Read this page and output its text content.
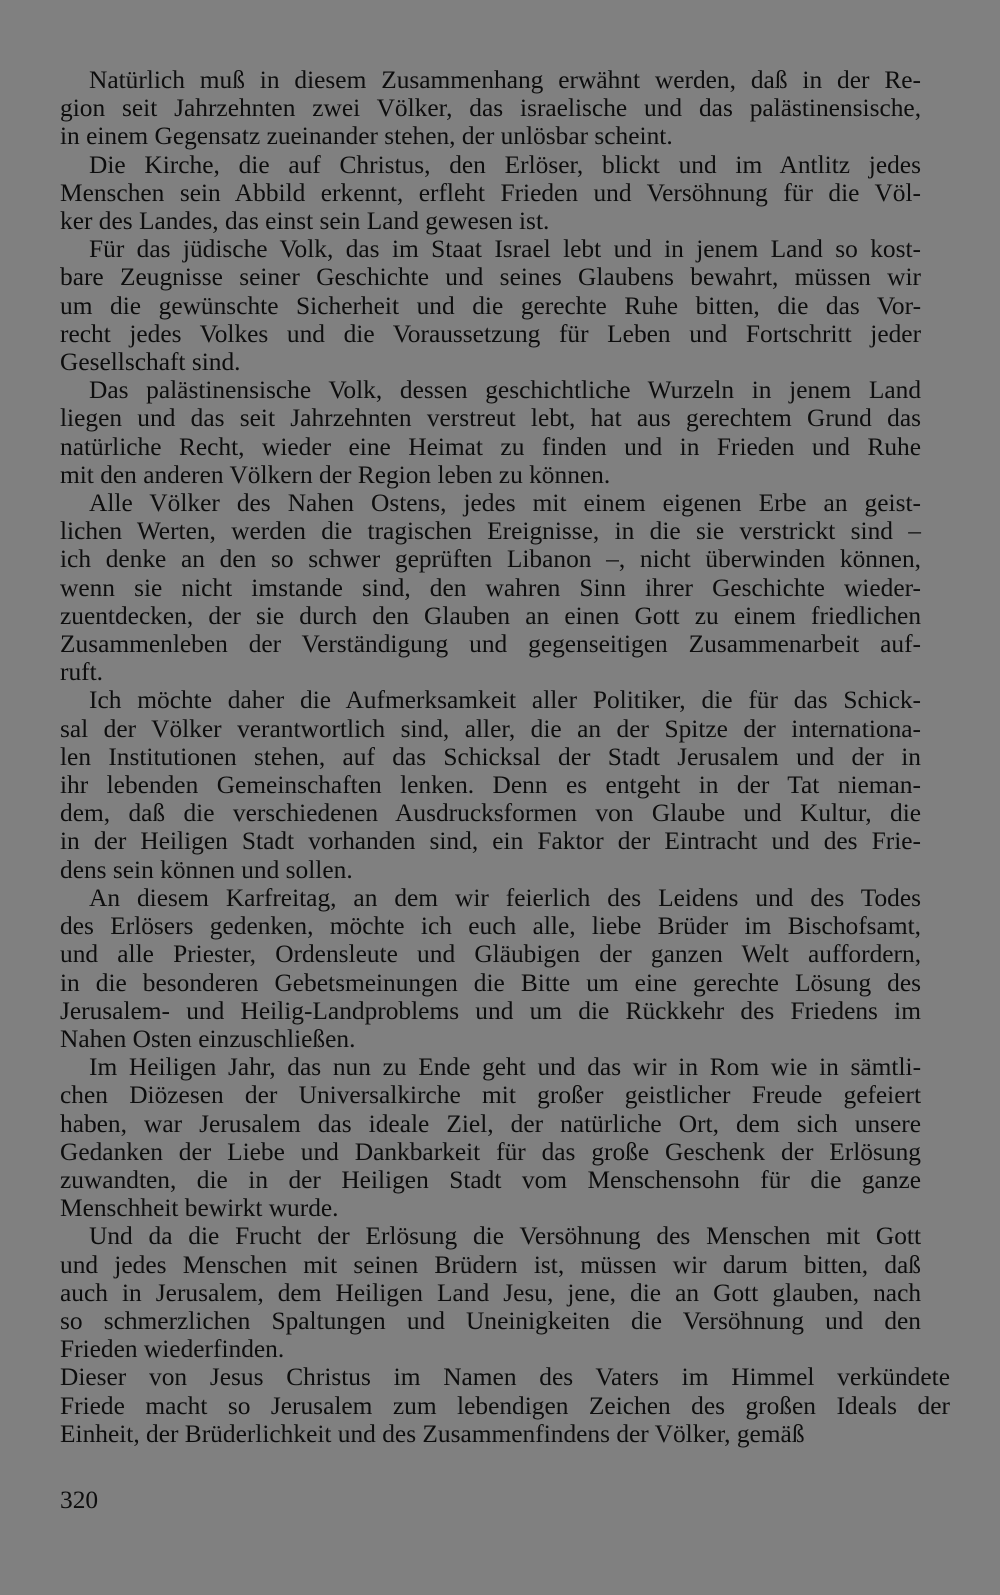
Natürlich muß in diesem Zusammenhang erwähnt werden, daß in der Re-
gion seit Jahrzehnten zwei Völker, das israelische und das palästinensische,
in einem Gegensatz zueinander stehen, der unlösbar scheint.

Die Kirche, die auf Christus, den Erlöser, blickt und im Antlitz jedes
Menschen sein Abbild erkennt, erfleht Frieden und Versöhnung für die Völ-
ker des Landes, das einst sein Land gewesen ist.

Für das jüdische Volk, das im Staat Israel lebt und in jenem Land so kost-
bare Zeugnisse seiner Geschichte und seines Glaubens bewahrt, müssen wir
um die gewünschte Sicherheit und die gerechte Ruhe bitten, die das Vor-
recht jedes Volkes und die Voraussetzung für Leben und Fortschritt jeder
Gesellschaft sind.

Das palästinensische Volk, dessen geschichtliche Wurzeln in jenem Land
liegen und das seit Jahrzehnten verstreut lebt, hat aus gerechtem Grund das
natürliche Recht, wieder eine Heimat zu finden und in Frieden und Ruhe
mit den anderen Völkern der Region leben zu können.

Alle Völker des Nahen Ostens, jedes mit einem eigenen Erbe an geist-
lichen Werten, werden die tragischen Ereignisse, in die sie verstrickt sind –
ich denke an den so schwer geprüften Libanon –, nicht überwinden können,
wenn sie nicht imstande sind, den wahren Sinn ihrer Geschichte wieder-
zuentdecken, der sie durch den Glauben an einen Gott zu einem friedlichen
Zusammenleben der Verständigung und gegenseitigen Zusammenarbeit auf-
ruft.

Ich möchte daher die Aufmerksamkeit aller Politiker, die für das Schick-
sal der Völker verantwortlich sind, aller, die an der Spitze der internationa-
len Institutionen stehen, auf das Schicksal der Stadt Jerusalem und der in
ihr lebenden Gemeinschaften lenken. Denn es entgeht in der Tat nieman-
dem, daß die verschiedenen Ausdrucksformen von Glaube und Kultur, die
in der Heiligen Stadt vorhanden sind, ein Faktor der Eintracht und des Frie-
dens sein können und sollen.

An diesem Karfreitag, an dem wir feierlich des Leidens und des Todes
des Erlösers gedenken, möchte ich euch alle, liebe Brüder im Bischofsamt,
und alle Priester, Ordensleute und Gläubigen der ganzen Welt auffordern,
in die besonderen Gebetsmeinungen die Bitte um eine gerechte Lösung des
Jerusalem- und Heilig-Landproblems und um die Rückkehr des Friedens im
Nahen Osten einzuschließen.

Im Heiligen Jahr, das nun zu Ende geht und das wir in Rom wie in sämtli-
chen Diözesen der Universalkirche mit großer geistlicher Freude gefeiert
haben, war Jerusalem das ideale Ziel, der natürliche Ort, dem sich unsere
Gedanken der Liebe und Dankbarkeit für das große Geschenk der Erlösung
zuwandten, die in der Heiligen Stadt vom Menschensohn für die ganze
Menschheit bewirkt wurde.

Und da die Frucht der Erlösung die Versöhnung des Menschen mit Gott
und jedes Menschen mit seinen Brüdern ist, müssen wir darum bitten, daß
auch in Jerusalem, dem Heiligen Land Jesu, jene, die an Gott glauben, nach
so schmerzlichen Spaltungen und Uneinigkeiten die Versöhnung und den
Frieden wiederfinden.

Dieser von Jesus Christus im Namen des Vaters im Himmel verkündete
Friede macht so Jerusalem zum lebendigen Zeichen des großen Ideals der
Einheit, der Brüderlichkeit und des Zusammenfindens der Völker, gemäß

320
